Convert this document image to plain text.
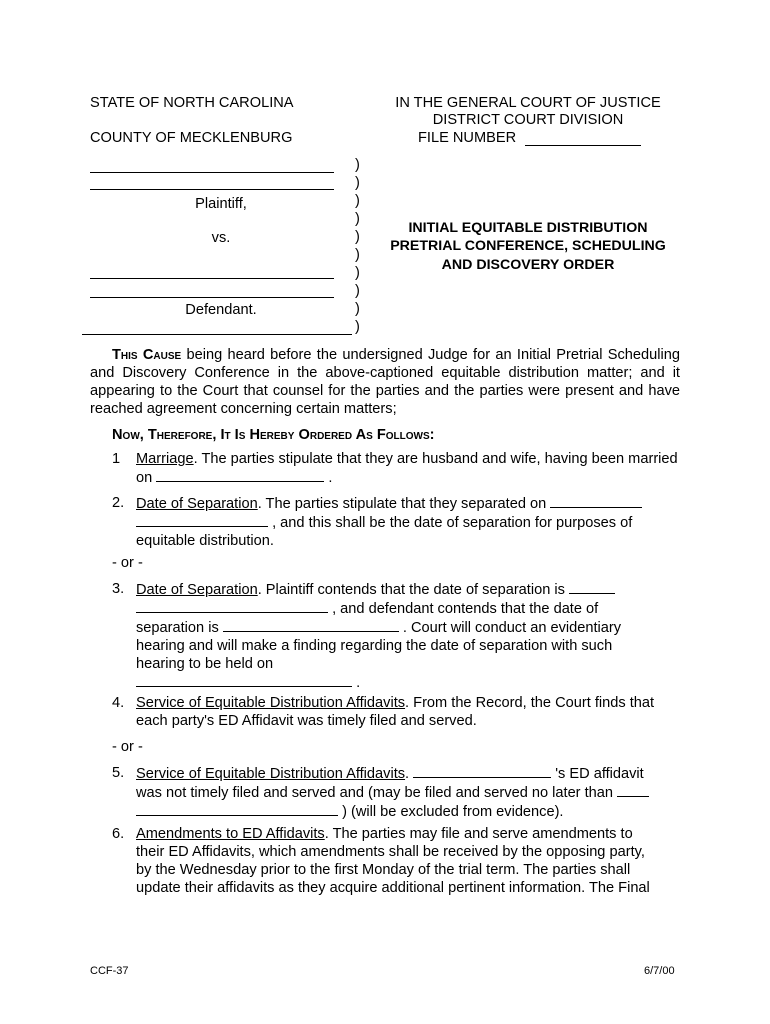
STATE OF NORTH CAROLINA
COUNTY OF MECKLENBURG
IN THE GENERAL COURT OF JUSTICE
DISTRICT COURT DIVISION
FILE NUMBER
Plaintiff,
vs.
Defendant.
)
)
)
)
)
)
)
)
)
)
INITIAL EQUITABLE DISTRIBUTION
PRETRIAL CONFERENCE, SCHEDULING
AND DISCOVERY ORDER
This Cause being heard before the undersigned Judge for an Initial Pretrial Scheduling and Discovery Conference in the above-captioned equitable distribution matter; and it appearing to the Court that counsel for the parties and the parties were present and have reached agreement concerning certain matters;
Now, Therefore, It Is Hereby Ordered As Follows:
1 Marriage. The parties stipulate that they are husband and wife, having been married
on	.
2. Date of Separation. The parties stipulate that they separated on
, and this shall be the date of separation for purposes of
equitable distribution.
- or -
3. Date of Separation. Plaintiff contends that the date of separation is
, and defendant contends that the date of
separation is	. Court will conduct an evidentiary
hearing and will make a finding regarding the date of separation with such
hearing to be held on
.
4. Service of Equitable Distribution Affidavits. From the Record, the Court finds that
each party's ED Affidavit was timely filed and served.
- or -
5. Service of Equitable Distribution Affidavits.	's ED affidavit
was not timely filed and served and (may be filed and served no later than
) (will be excluded from evidence).
6. Amendments to ED Affidavits. The parties may file and serve amendments to
their ED Affidavits, which amendments shall be received by the opposing party,
by the Wednesday prior to the first Monday of the trial term. The parties shall
update their affidavits as they acquire additional pertinent information. The Final
CCF-37	6/7/00
